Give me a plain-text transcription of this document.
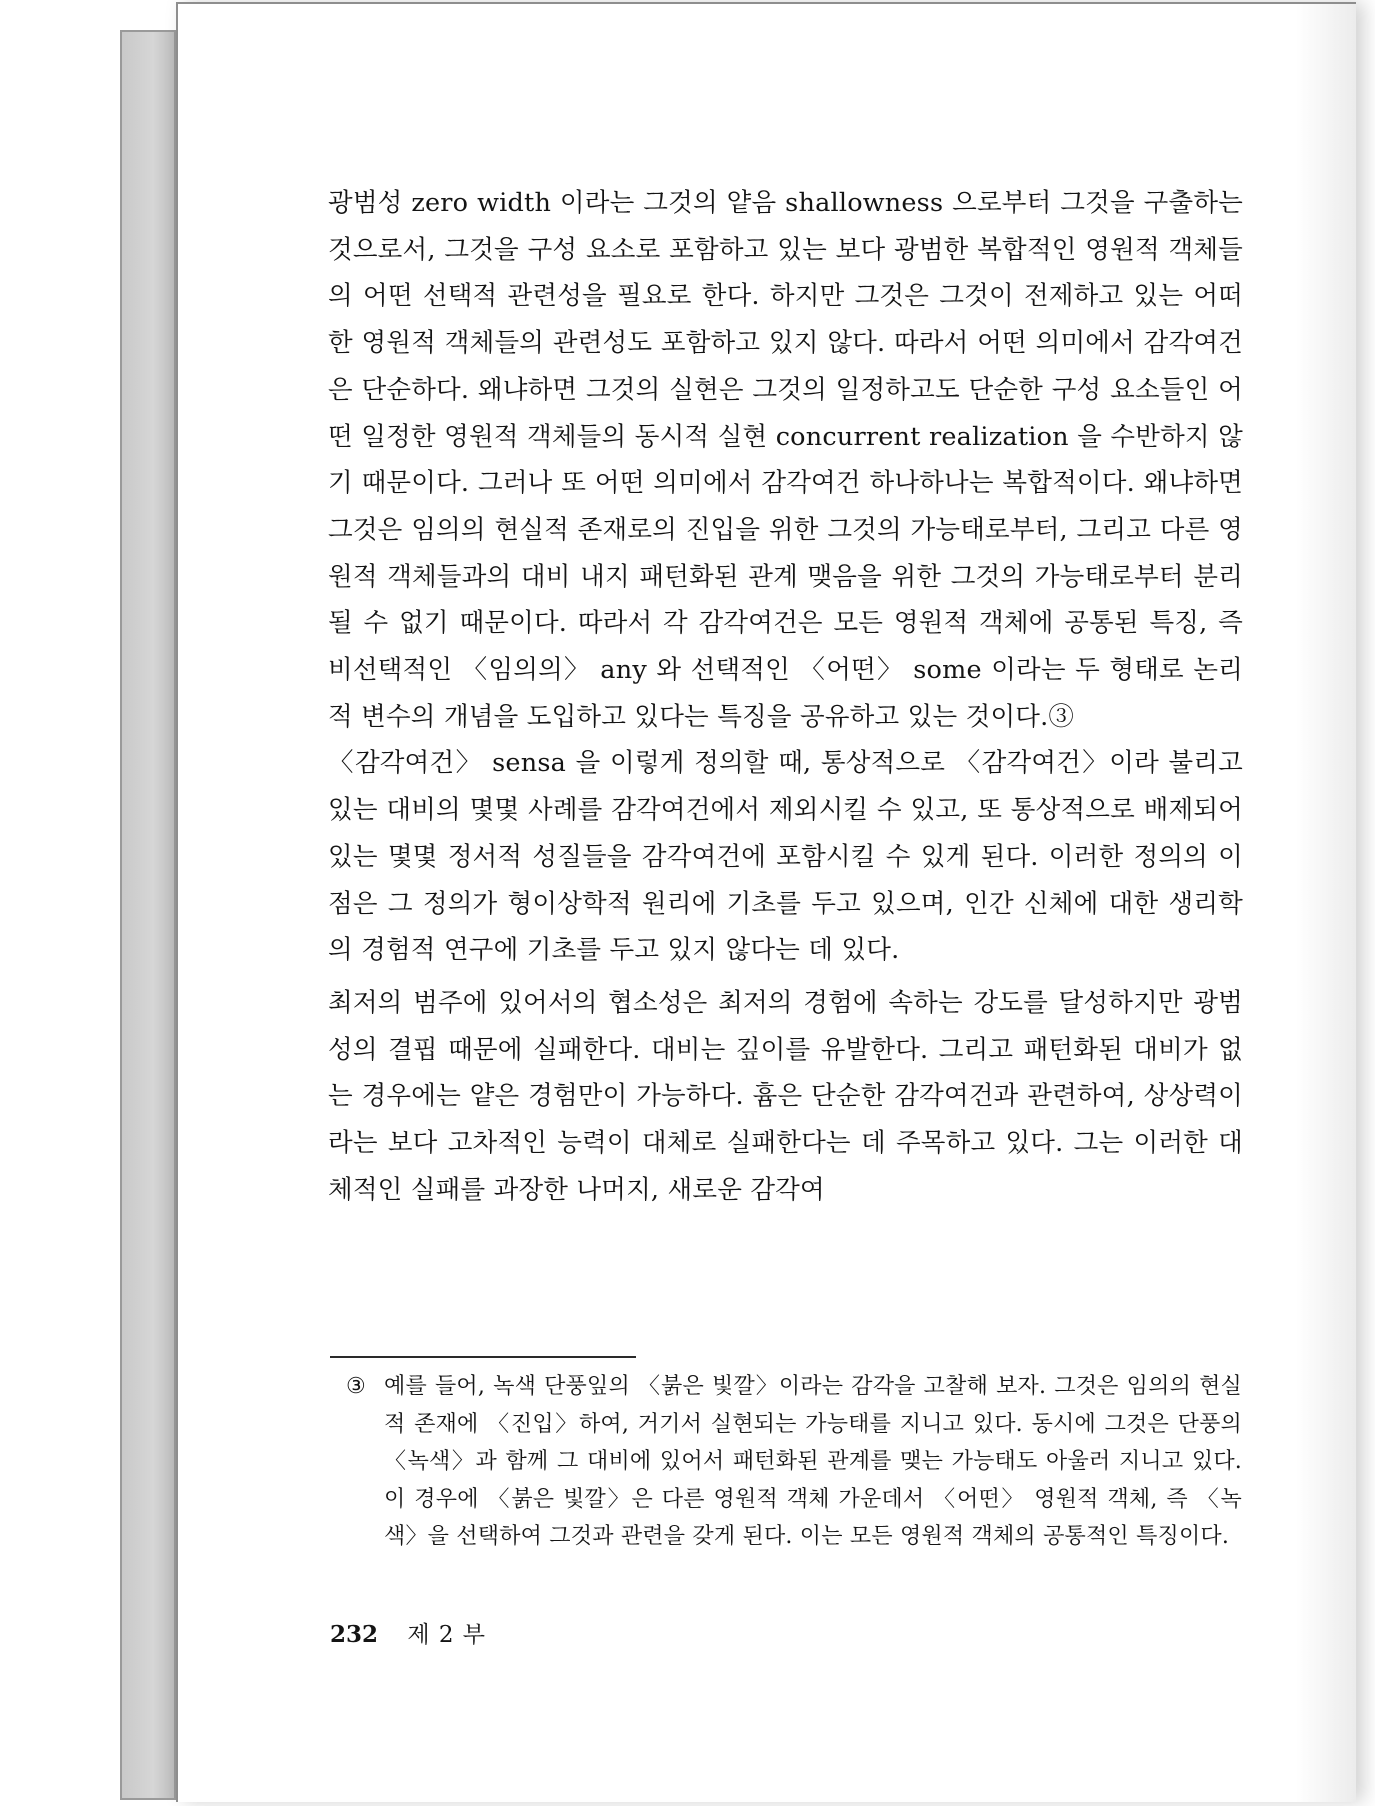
광범성 zero width 이라는 그것의 얕음 shallowness 으로부터 그것을 구출하는 것으로서, 그것을 구성 요소로 포함하고 있는 보다 광범한 복합적인 영원적 객체들의 어떤 선택적 관련성을 필요로 한다. 하지만 그것은 그것이 전제하고 있는 어떠한 영원적 객체들의 관련성도 포함하고 있지 않다. 따라서 어떤 의미에서 감각여건은 단순하다. 왜냐하면 그것의 실현은 그것의 일정하고도 단순한 구성 요소들인 어떤 일정한 영원적 객체들의 동시적 실현 concurrent realization 을 수반하지 않기 때문이다. 그러나 또 어떤 의미에서 감각여건 하나하나는 복합적이다. 왜냐하면 그것은 임의의 현실적 존재로의 진입을 위한 그것의 가능태로부터, 그리고 다른 영원적 객체들과의 대비 내지 패턴화된 관계 맺음을 위한 그것의 가능태로부터 분리될 수 없기 때문이다. 따라서 각 감각여건은 모든 영원적 객체에 공통된 특징, 즉 비선택적인 〈임의의〉 any 와 선택적인 〈어떤〉 some 이라는 두 형태로 논리적 변수의 개념을 도입하고 있다는 특징을 공유하고 있는 것이다.③

〈감각여건〉 sensa 을 이렇게 정의할 때, 통상적으로 〈감각여건〉이라 불리고 있는 대비의 몇몇 사례를 감각여건에서 제외시킬 수 있고, 또 통상적으로 배제되어 있는 몇몇 정서적 성질들을 감각여건에 포함시킬 수 있게 된다. 이러한 정의의 이점은 그 정의가 형이상학적 원리에 기초를 두고 있으며, 인간 신체에 대한 생리학의 경험적 연구에 기초를 두고 있지 않다는 데 있다.

최저의 범주에 있어서의 협소성은 최저의 경험에 속하는 강도를 달성하지만 광범성의 결핍 때문에 실패한다. 대비는 깊이를 유발한다. 그리고 패턴화된 대비가 없는 경우에는 얕은 경험만이 가능하다. 흄은 단순한 감각여건과 관련하여, 상상력이라는 보다 고차적인 능력이 대체로 실패한다는 데 주목하고 있다. 그는 이러한 대체적인 실패를 과장한 나머지, 새로운 감각여

③ 예를 들어, 녹색 단풍잎의 〈붉은 빛깔〉이라는 감각을 고찰해 보자. 그것은 임의의 현실적 존재에 〈진입〉하여, 거기서 실현되는 가능태를 지니고 있다. 동시에 그것은 단풍의 〈녹색〉과 함께 그 대비에 있어서 패턴화된 관계를 맺는 가능태도 아울러 지니고 있다. 이 경우에 〈붉은 빛깔〉은 다른 영원적 객체 가운데서 〈어떤〉 영원적 객체, 즉 〈녹색〉을 선택하여 그것과 관련을 갖게 된다. 이는 모든 영원적 객체의 공통적인 특징이다.
232 제 2 부
